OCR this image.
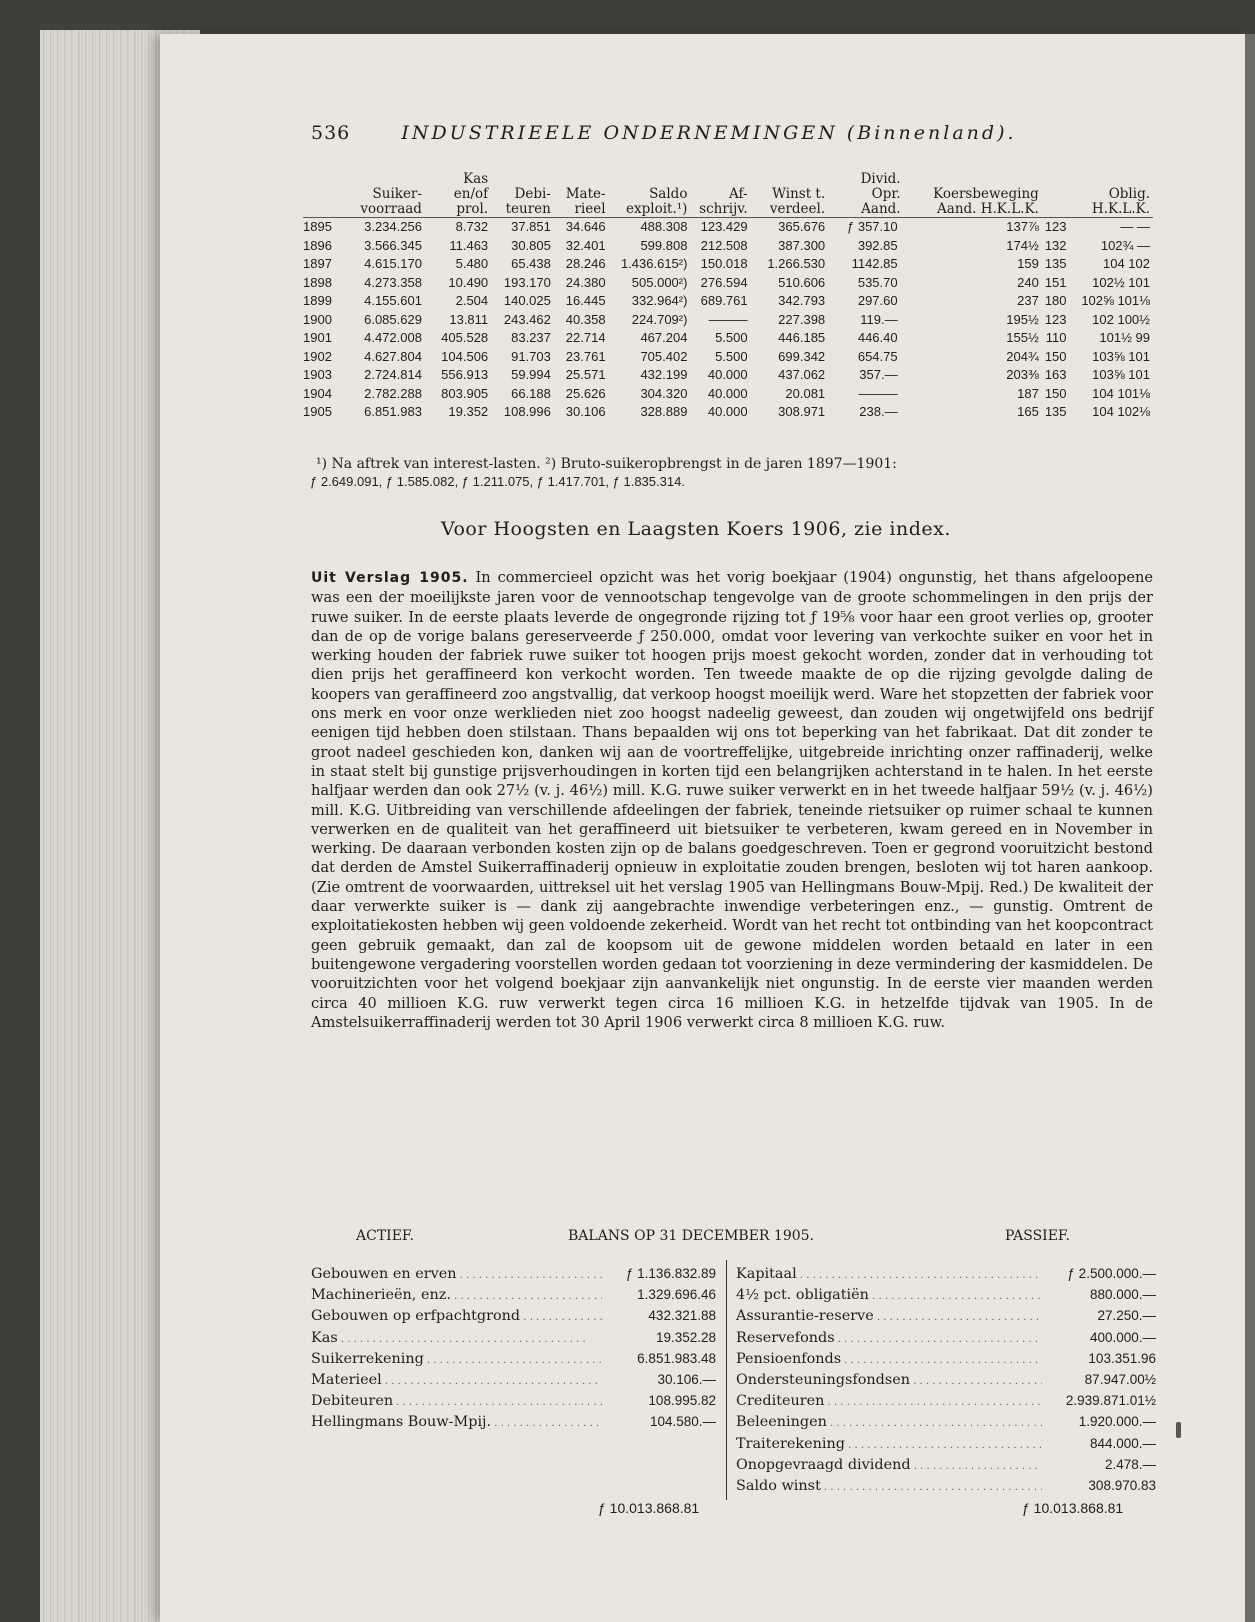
536	INDUSTRIEELE ONDERNEMINGEN (Binnenland).
	Suiker- voorraad	Kas en/of prol.	Debi- teuren	Mate- rieel	Saldo exploit.¹)	Af- schrijv.	Winst t. verdeel.	Divid. Opr. Aand.	Koersbeweging Aand. H.K.L.K.		Oblig. H.K.L.K.
1895	3.234.256	8.732	37.851	34.646	488.308	123.429	365.676	ƒ 357.10	137⅞	123	— —
1896	3.566.345	11.463	30.805	32.401	599.808	212.508	387.300	392.85	174½	132	102¾ —
1897	4.615.170	5.480	65.438	28.246	1.436.615²)	150.018	1.266.530	1142.85	159	135	104 102
1898	4.273.358	10.490	193.170	24.380	505.000²)	276.594	510.606	535.70	240	151	102½ 101
1899	4.155.601	2.504	140.025	16.445	332.964²)	689.761	342.793	297.60	237	180	102⅝ 101⅛
1900	6.085.629	13.811	243.462	40.358	224.709²)	———	227.398	119.—	195½	123	102 100½
1901	4.472.008	405.528	83.237	22.714	467.204	5.500	446.185	446.40	155½	110	101½ 99
1902	4.627.804	104.506	91.703	23.761	705.402	5.500	699.342	654.75	204¾	150	103⅝ 101
1903	2.724.814	556.913	59.994	25.571	432.199	40.000	437.062	357.—	203⅜	163	103⅝ 101
1904	2.782.288	803.905	66.188	25.626	304.320	40.000	20.081	———	187	150	104 101⅛
1905	6.851.983	19.352	108.996	30.106	328.889	40.000	308.971	238.—	165	135	104 102⅛
¹) Na aftrek van interest-lasten. ²) Bruto-suikeropbrengst in de jaren 1897—1901:
ƒ 2.649.091, ƒ 1.585.082, ƒ 1.211.075, ƒ 1.417.701, ƒ 1.835.314.
Voor Hoogsten en Laagsten Koers 1906, zie index.
Uit Verslag 1905. In commercieel opzicht was het vorig boekjaar (1904) ongunstig, het thans afgeloopene was een der moeilijkste jaren voor de vennootschap tengevolge van de groote schommelingen in den prijs der ruwe suiker. In de eerste plaats leverde de ongegronde rijzing tot ƒ 19⅝ voor haar een groot verlies op, grooter dan de op de vorige balans gereserveerde ƒ 250.000, omdat voor levering van verkochte suiker en voor het in werking houden der fabriek ruwe suiker tot hoogen prijs moest gekocht worden, zonder dat in verhouding tot dien prijs het geraffineerd kon verkocht worden. Ten tweede maakte de op die rijzing gevolgde daling de koopers van geraffineerd zoo angstvallig, dat verkoop hoogst moeilijk werd. Ware het stopzetten der fabriek voor ons merk en voor onze werklieden niet zoo hoogst nadeelig geweest, dan zouden wij ongetwijfeld ons bedrijf eenigen tijd hebben doen stilstaan. Thans bepaalden wij ons tot beperking van het fabrikaat. Dat dit zonder te groot nadeel geschieden kon, danken wij aan de voortreffelijke, uitgebreide inrichting onzer raffinaderij, welke in staat stelt bij gunstige prijsverhoudingen in korten tijd een belangrijken achterstand in te halen. In het eerste halfjaar werden dan ook 27½ (v. j. 46½) mill. K.G. ruwe suiker verwerkt en in het tweede halfjaar 59½ (v. j. 46½) mill. K.G. Uitbreiding van verschillende afdeelingen der fabriek, teneinde rietsuiker op ruimer schaal te kunnen verwerken en de qualiteit van het geraffineerd uit bietsuiker te verbeteren, kwam gereed en in November in werking. De daaraan verbonden kosten zijn op de balans goedgeschreven. Toen er gegrond vooruitzicht bestond dat derden de Amstel Suikerraffinaderij opnieuw in exploitatie zouden brengen, besloten wij tot haren aankoop. (Zie omtrent de voorwaarden, uittreksel uit het verslag 1905 van Hellingmans Bouw-Mpij. Red.) De kwaliteit der daar verwerkte suiker is — dank zij aangebrachte inwendige verbeteringen enz., — gunstig. Omtrent de exploitatiekosten hebben wij geen voldoende zekerheid. Wordt van het recht tot ontbinding van het koopcontract geen gebruik gemaakt, dan zal de koopsom uit de gewone middelen worden betaald en later in een buitengewone vergadering voorstellen worden gedaan tot voorziening in deze vermindering der kasmiddelen. De vooruitzichten voor het volgend boekjaar zijn aanvankelijk niet ongunstig. In de eerste vier maanden werden circa 40 millioen K.G. ruw verwerkt tegen circa 16 millioen K.G. in hetzelfde tijdvak van 1905. In de Amstelsuikerraffinaderij werden tot 30 April 1906 verwerkt circa 8 millioen K.G. ruw.
ACTIEF.	BALANS OP 31 DECEMBER 1905.	PASSIEF.
Gebouwen en erven . . .	ƒ 1.136.832.89
Machinerieën, enz. . . .	1.329.696.46
Gebouwen op erfpachtgrond . . .	432.321.88
Kas . . .	19.352.28
Suikerrekening . . .	6.851.983.48
Materieel . . .	30.106.—
Debiteuren . . .	108.995.82
Hellingmans Bouw-Mpij. . . .	104.580.—
Kapitaal . . .	ƒ 2.500.000.—
4½ pct. obligatiën . . .	880.000.—
Assurantie-reserve . . .	27.250.—
Reservefonds . . .	400.000.—
Pensioenfonds . . .	103.351.96
Ondersteuningsfondsen . . .	87.947.00½
Crediteuren . . .	2.939.871.01½
Beleeningen . . .	1.920.000.—
Traiterekening . . .	844.000.—
Onopgevraagd dividend . . .	2.478.—
Saldo winst . . .	308.970.83
ƒ 10.013.868.81	ƒ 10.013.868.81
